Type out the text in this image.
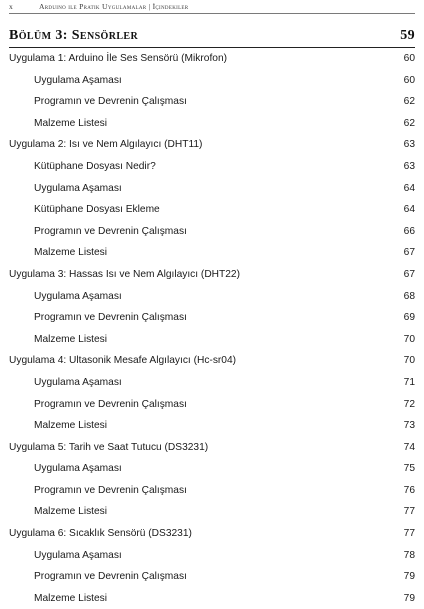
x	Arduino ile Pratik Uygulamalar | İçindekiler
Bölüm 3: Sensörler	59
Uygulama 1: Arduino İle Ses Sensörü (Mikrofon)	60
Uygulama Aşaması	60
Programın ve Devrenin Çalışması	62
Malzeme Listesi	62
Uygulama 2: Isı ve Nem Algılayıcı (DHT11)	63
Kütüphane Dosyası Nedir?	63
Uygulama Aşaması	64
Kütüphane Dosyası Ekleme	64
Programın ve Devrenin Çalışması	66
Malzeme Listesi	67
Uygulama 3: Hassas Isı ve Nem Algılayıcı (DHT22)	67
Uygulama Aşaması	68
Programın ve Devrenin Çalışması	69
Malzeme Listesi	70
Uygulama 4: Ultasonik Mesafe Algılayıcı (Hc-sr04)	70
Uygulama Aşaması	71
Programın ve Devrenin Çalışması	72
Malzeme Listesi	73
Uygulama 5: Tarih ve Saat Tutucu (DS3231)	74
Uygulama Aşaması	75
Programın ve Devrenin Çalışması	76
Malzeme Listesi	77
Uygulama 6: Sıcaklık Sensörü (DS3231)	77
Uygulama Aşaması	78
Programın ve Devrenin Çalışması	79
Malzeme Listesi	79
